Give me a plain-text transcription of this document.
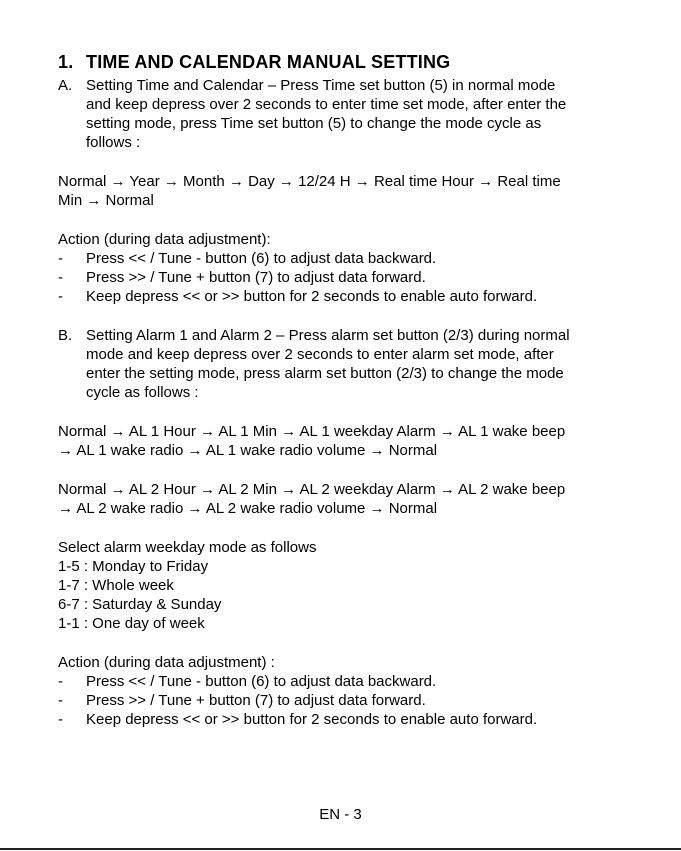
1. TIME AND CALENDAR MANUAL SETTING
A. Setting Time and Calendar – Press Time set button (5) in normal mode
and keep depress over 2 seconds to enter time set mode, after enter the
setting mode, press Time set button (5) to change the mode cycle as
follows :
Normal → Year → Month → Day → 12/24 H → Real time Hour → Real time
Min → Normal
Action (during data adjustment):
- Press << / Tune - button (6) to adjust data backward.
- Press >> / Tune + button (7) to adjust data forward.
- Keep depress << or >> button for 2 seconds to enable auto forward.
B. Setting Alarm 1 and Alarm 2 – Press alarm set button (2/3) during normal
mode and keep depress over 2 seconds to enter alarm set mode, after
enter the setting mode, press alarm set button (2/3) to change the mode
cycle as follows :
Normal → AL 1 Hour → AL 1 Min → AL 1 weekday Alarm → AL 1 wake beep
→ AL 1 wake radio → AL 1 wake radio volume → Normal
Normal → AL 2 Hour → AL 2 Min → AL 2 weekday Alarm → AL 2 wake beep
→ AL 2 wake radio → AL 2 wake radio volume → Normal
Select alarm weekday mode as follows
1-5 : Monday to Friday
1-7 : Whole week
6-7 : Saturday & Sunday
1-1 : One day of week
Action (during data adjustment) :
- Press << / Tune - button (6) to adjust data backward.
- Press >> / Tune + button (7) to adjust data forward.
- Keep depress << or >> button for 2 seconds to enable auto forward.
EN - 3
